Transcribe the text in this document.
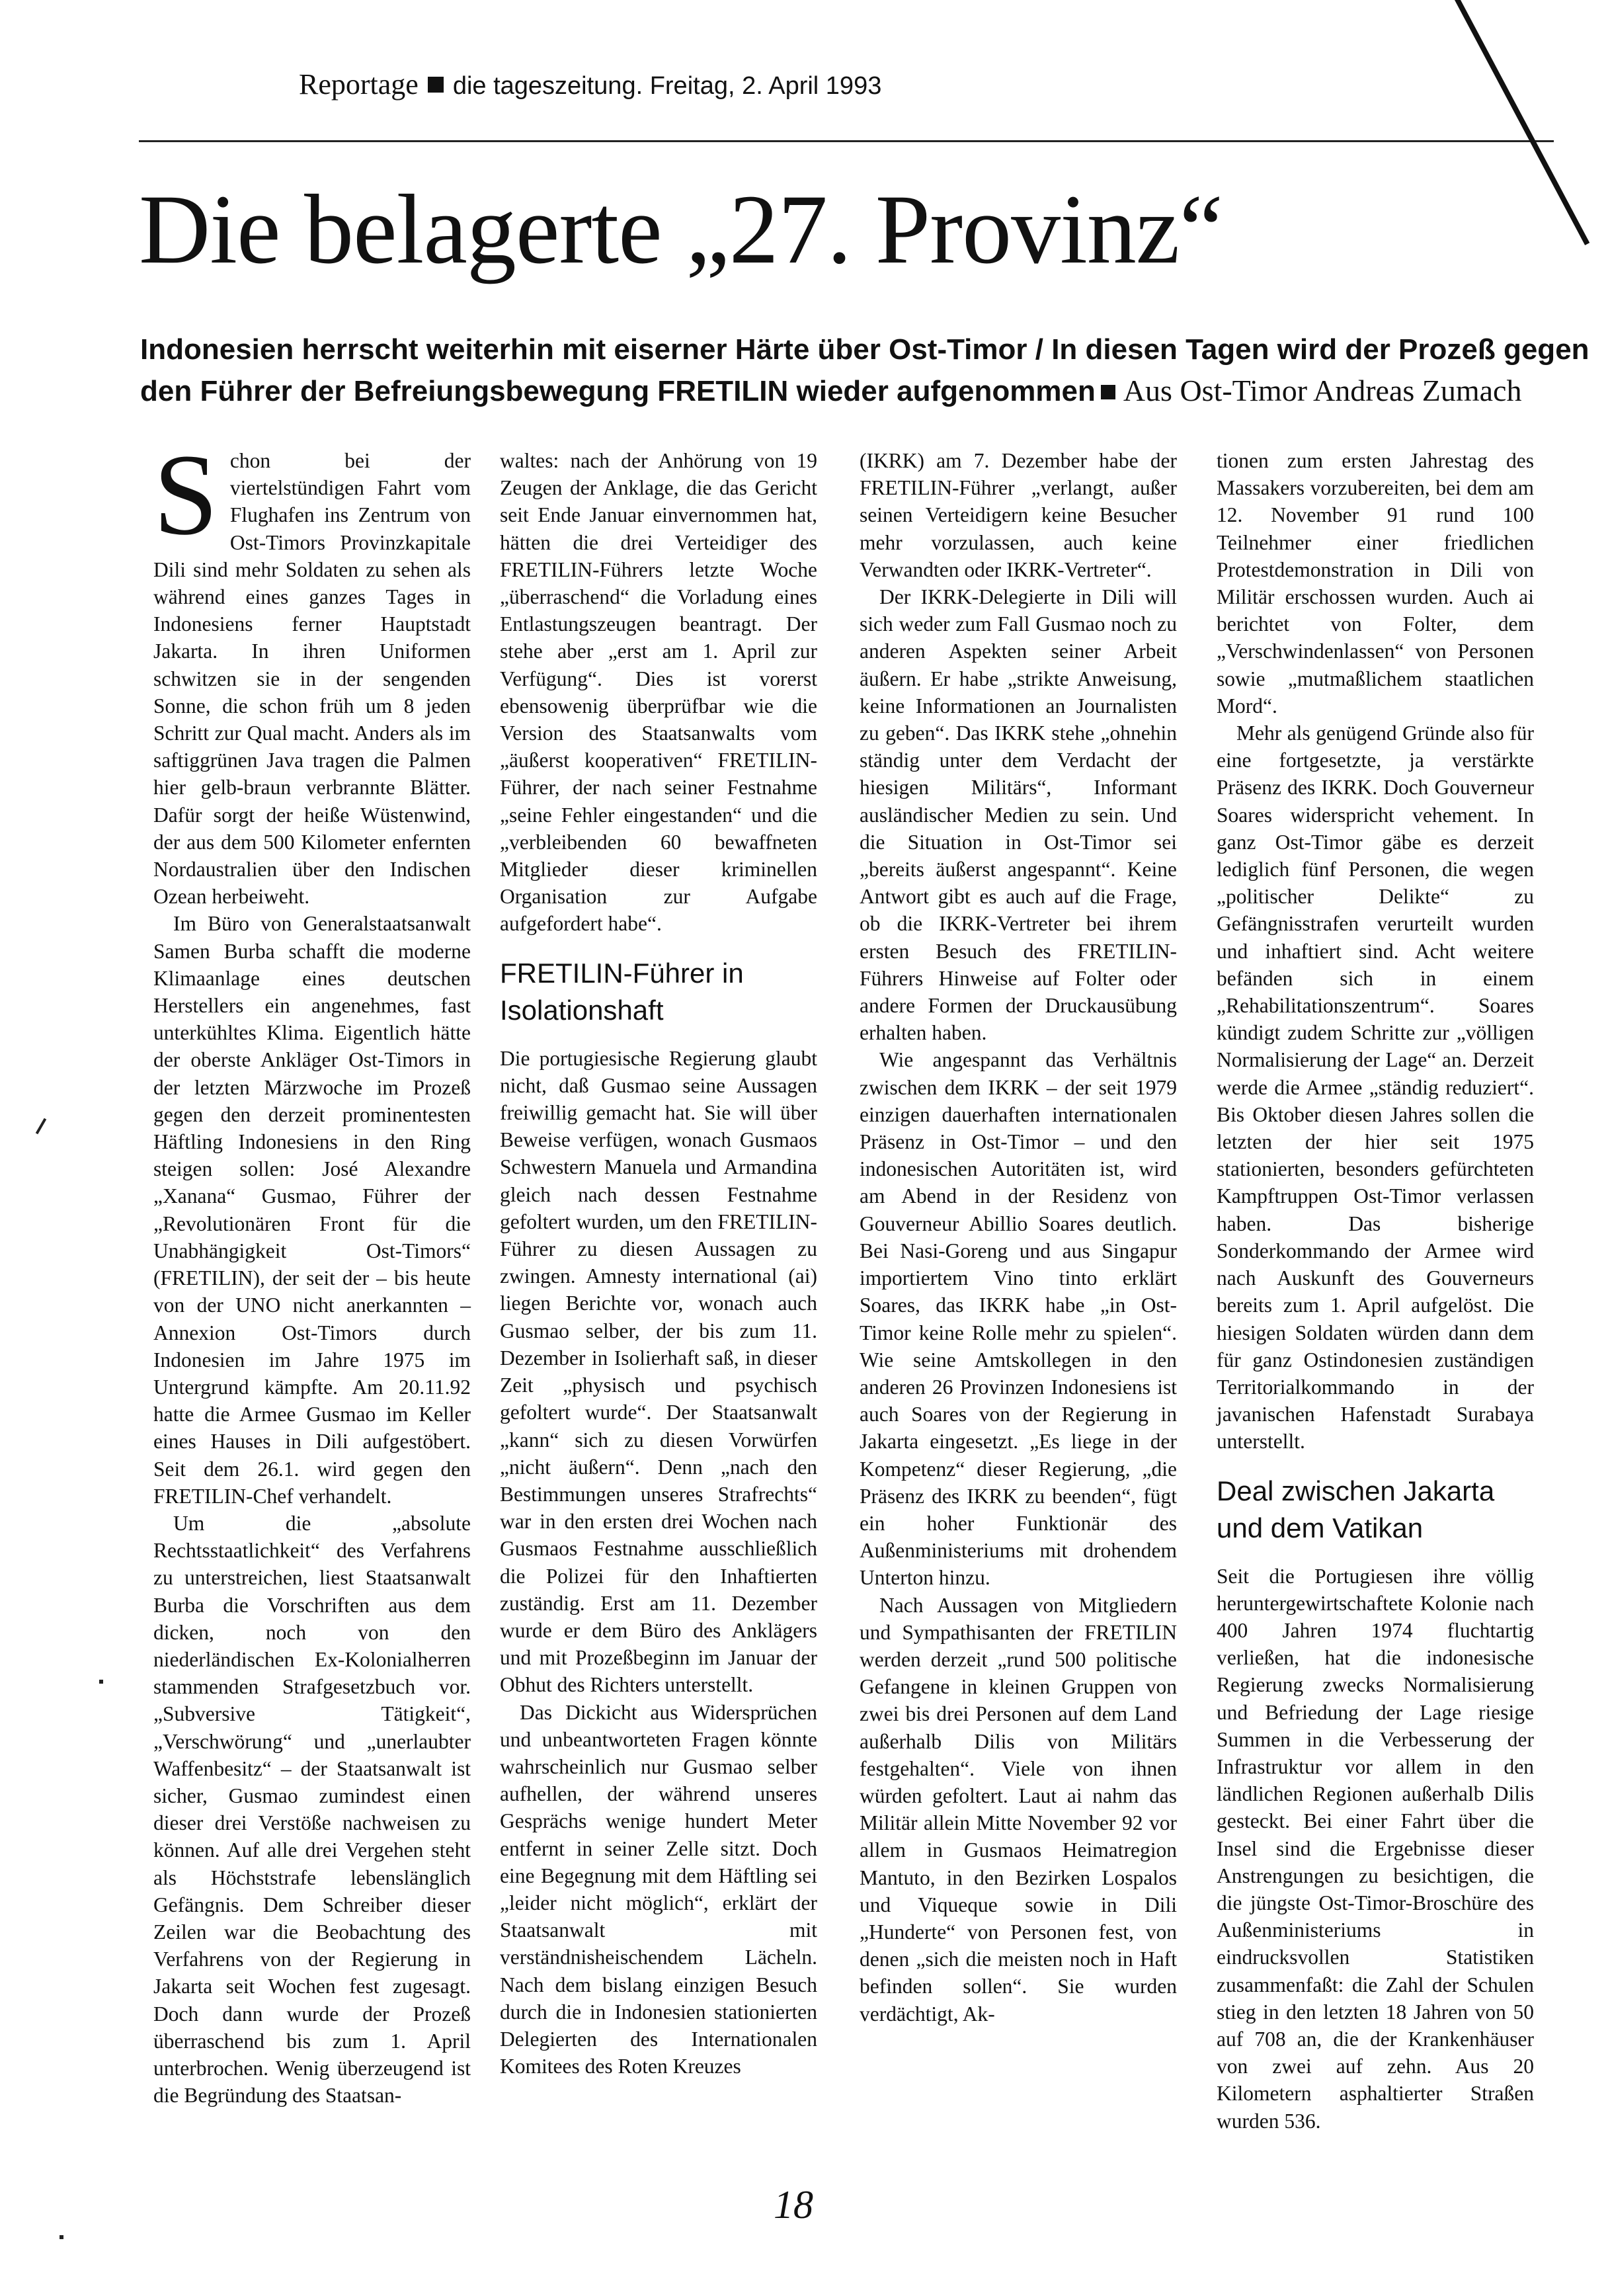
Reportage die tageszeitung. Freitag, 2. April 1993
Die belagerte „27. Provinz“
Indonesien herrscht weiterhin mit eiserner Härte über Ost-Timor / In diesen Tagen wird der Prozeß gegen den Führer der Befreiungsbewegung FRETILIN wieder aufgenommen Aus Ost-Timor Andreas Zumach

Schon bei der viertelstündigen Fahrt vom Flughafen ins Zentrum von Ost-Timors Provinzkapitale Dili sind mehr Soldaten zu sehen als während eines ganzes Tages in Indonesiens ferner Hauptstadt Jakarta. In ihren Uniformen schwitzen sie in der sengenden Sonne, die schon früh um 8 jeden Schritt zur Qual macht. Anders als im saftiggrünen Java tragen die Palmen hier gelb-braun verbrannte Blätter. Dafür sorgt der heiße Wüstenwind, der aus dem 500 Kilometer enfernten Nordaustralien über den Indischen Ozean herbeiweht.

Im Büro von Generalstaatsanwalt Samen Burba schafft die moderne Klimaanlage eines deutschen Herstellers ein angenehmes, fast unterkühltes Klima. Eigentlich hätte der oberste Ankläger Ost-Timors in der letzten Märzwoche im Prozeß gegen den derzeit prominentesten Häftling Indonesiens in den Ring steigen sollen: José Alexandre „Xanana“ Gusmao, Führer der „Revolutionären Front für die Unabhängigkeit Ost-Timors“ (FRETILIN), der seit der – bis heute von der UNO nicht anerkannten – Annexion Ost-Timors durch Indonesien im Jahre 1975 im Untergrund kämpfte. Am 20.11.92 hatte die Armee Gusmao im Keller eines Hauses in Dili aufgestöbert. Seit dem 26.1. wird gegen den FRETILIN-Chef verhandelt.

Um die „absolute Rechtsstaatlichkeit“ des Verfahrens zu unterstreichen, liest Staatsanwalt Burba die Vorschriften aus dem dicken, noch von den niederländischen Ex-Kolonialherren stammenden Strafgesetzbuch vor. „Subversive Tätigkeit“, „Verschwörung“ und „unerlaubter Waffenbesitz“ – der Staatsanwalt ist sicher, Gusmao zumindest einen dieser drei Verstöße nachweisen zu können. Auf alle drei Vergehen steht als Höchststrafe lebenslänglich Gefängnis. Dem Schreiber dieser Zeilen war die Beobachtung des Verfahrens von der Regierung in Jakarta seit Wochen fest zugesagt. Doch dann wurde der Prozeß überraschend bis zum 1. April unterbrochen. Wenig überzeugend ist die Begründung des Staatsan-

waltes: nach der Anhörung von 19 Zeugen der Anklage, die das Gericht seit Ende Januar einvernommen hat, hätten die drei Verteidiger des FRETILIN-Führers letzte Woche „überraschend“ die Vorladung eines Entlastungszeugen beantragt. Der stehe aber „erst am 1. April zur Verfügung“. Dies ist vorerst ebensowenig überprüfbar wie die Version des Staatsanwalts vom „äußerst kooperativen“ FRETILIN-Führer, der nach seiner Festnahme „seine Fehler eingestanden“ und die „verbleibenden 60 bewaffneten Mitglieder dieser kriminellen Organisation zur Aufgabe aufgefordert habe“.

FRETILIN-Führer in Isolationshaft

Die portugiesische Regierung glaubt nicht, daß Gusmao seine Aussagen freiwillig gemacht hat. Sie will über Beweise verfügen, wonach Gusmaos Schwestern Manuela und Armandina gleich nach dessen Festnahme gefoltert wurden, um den FRETILIN-Führer zu diesen Aussagen zu zwingen. Amnesty international (ai) liegen Berichte vor, wonach auch Gusmao selber, der bis zum 11. Dezember in Isolierhaft saß, in dieser Zeit „physisch und psychisch gefoltert wurde“. Der Staatsanwalt „kann“ sich zu diesen Vorwürfen „nicht äußern“. Denn „nach den Bestimmungen unseres Strafrechts“ war in den ersten drei Wochen nach Gusmaos Festnahme ausschließlich die Polizei für den Inhaftierten zuständig. Erst am 11. Dezember wurde er dem Büro des Anklägers und mit Prozeßbeginn im Januar der Obhut des Richters unterstellt.

Das Dickicht aus Widersprüchen und unbeantworteten Fragen könnte wahrscheinlich nur Gusmao selber aufhellen, der während unseres Gesprächs wenige hundert Meter entfernt in seiner Zelle sitzt. Doch eine Begegnung mit dem Häftling sei „leider nicht möglich“, erklärt der Staatsanwalt mit verständnisheischendem Lächeln. Nach dem bislang einzigen Besuch durch die in Indonesien stationierten Delegierten des Internationalen Komitees des Roten Kreuzes

(IKRK) am 7. Dezember habe der FRETILIN-Führer „verlangt, außer seinen Verteidigern keine Besucher mehr vorzulassen, auch keine Verwandten oder IKRK-Vertreter“.

Der IKRK-Delegierte in Dili will sich weder zum Fall Gusmao noch zu anderen Aspekten seiner Arbeit äußern. Er habe „strikte Anweisung, keine Informationen an Journalisten zu geben“. Das IKRK stehe „ohnehin ständig unter dem Verdacht der hiesigen Militärs“, Informant ausländischer Medien zu sein. Und die Situation in Ost-Timor sei „bereits äußerst angespannt“. Keine Antwort gibt es auch auf die Frage, ob die IKRK-Vertreter bei ihrem ersten Besuch des FRETILIN-Führers Hinweise auf Folter oder andere Formen der Druckausübung erhalten haben.

Wie angespannt das Verhältnis zwischen dem IKRK – der seit 1979 einzigen dauerhaften internationalen Präsenz in Ost-Timor – und den indonesischen Autoritäten ist, wird am Abend in der Residenz von Gouverneur Abillio Soares deutlich. Bei Nasi-Goreng und aus Singapur importiertem Vino tinto erklärt Soares, das IKRK habe „in Ost-Timor keine Rolle mehr zu spielen“. Wie seine Amtskollegen in den anderen 26 Provinzen Indonesiens ist auch Soares von der Regierung in Jakarta eingesetzt. „Es liege in der Kompetenz“ dieser Regierung, „die Präsenz des IKRK zu beenden“, fügt ein hoher Funktionär des Außenministeriums mit drohendem Unterton hinzu.

Nach Aussagen von Mitgliedern und Sympathisanten der FRETILIN werden derzeit „rund 500 politische Gefangene in kleinen Gruppen von zwei bis drei Personen auf dem Land außerhalb Dilis von Militärs festgehalten“. Viele von ihnen würden gefoltert. Laut ai nahm das Militär allein Mitte November 92 vor allem in Gusmaos Heimatregion Mantuto, in den Bezirken Lospalos und Viqueque sowie in Dili „Hunderte“ von Personen fest, von denen „sich die meisten noch in Haft befinden sollen“. Sie wurden verdächtigt, Ak-

tionen zum ersten Jahrestag des Massakers vorzubereiten, bei dem am 12. November 91 rund 100 Teilnehmer einer friedlichen Protestdemonstration in Dili von Militär erschossen wurden. Auch ai berichtet von Folter, dem „Verschwindenlassen“ von Personen sowie „mutmaßlichem staatlichen Mord“.

Mehr als genügend Gründe also für eine fortgesetzte, ja verstärkte Präsenz des IKRK. Doch Gouverneur Soares widerspricht vehement. In ganz Ost-Timor gäbe es derzeit lediglich fünf Personen, die wegen „politischer Delikte“ zu Gefängnisstrafen verurteilt wurden und inhaftiert sind. Acht weitere befänden sich in einem „Rehabilitationszentrum“. Soares kündigt zudem Schritte zur „völligen Normalisierung der Lage“ an. Derzeit werde die Armee „ständig reduziert“. Bis Oktober diesen Jahres sollen die letzten der hier seit 1975 stationierten, besonders gefürchteten Kampftruppen Ost-Timor verlassen haben. Das bisherige Sonderkommando der Armee wird nach Auskunft des Gouverneurs bereits zum 1. April aufgelöst. Die hiesigen Soldaten würden dann dem für ganz Ostindonesien zuständigen Territorialkommando in der javanischen Hafenstadt Surabaya unterstellt.

Deal zwischen Jakarta und dem Vatikan

Seit die Portugiesen ihre völlig heruntergewirtschaftete Kolonie nach 400 Jahren 1974 fluchtartig verließen, hat die indonesische Regierung zwecks Normalisierung und Befriedung der Lage riesige Summen in die Verbesserung der Infrastruktur vor allem in den ländlichen Regionen außerhalb Dilis gesteckt. Bei einer Fahrt über die Insel sind die Ergebnisse dieser Anstrengungen zu besichtigen, die die jüngste Ost-Timor-Broschüre des Außenministeriums in eindrucksvollen Statistiken zusammenfaßt: die Zahl der Schulen stieg in den letzten 18 Jahren von 50 auf 708 an, die der Krankenhäuser von zwei auf zehn. Aus 20 Kilometern asphaltierter Straßen wurden 536.

18
